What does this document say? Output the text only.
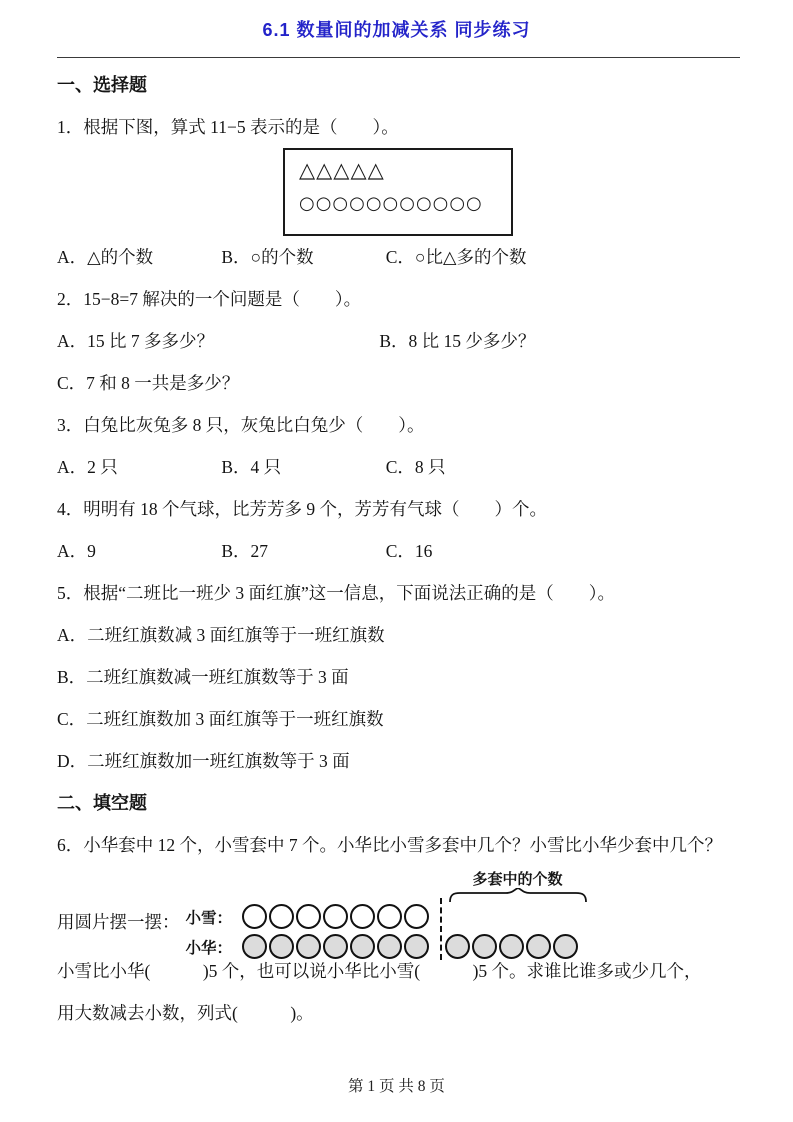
6.1 数量间的加减关系 同步练习
一、选择题
1．根据下图，算式 11−5 表示的是（　　）。
△△△△△
○○○○○○○○○○○
A．△的个数	B．○的个数	C．○比△多的个数
2．15−8=7 解决的一个问题是（　　）。
A．15 比 7 多多少？	B．8 比 15 少多少？
C．7 和 8 一共是多少？
3．白兔比灰兔多 8 只，灰兔比白兔少（　　）。
A．2 只	B．4 只	C．8 只
4．明明有 18 个气球，比芳芳多 9 个，芳芳有气球（　　）个。
A．9	B．27	C．16
5．根据“二班比一班少 3 面红旗”这一信息，下面说法正确的是（　　）。
A．二班红旗数减 3 面红旗等于一班红旗数
B．二班红旗数减一班红旗数等于 3 面
C．二班红旗数加 3 面红旗等于一班红旗数
D．二班红旗数加一班红旗数等于 3 面
二、填空题
6．小华套中 12 个，小雪套中 7 个。小华比小雪多套中几个？小雪比小华少套中几个？
用圆片摆一摆：
多套中的个数
小雪：
小华：
小雪比小华(　　　)5 个，也可以说小华比小雪(　　　)5 个。求谁比谁多或少几个，
用大数减去小数，列式(　　　)。
第 1 页 共 8 页
